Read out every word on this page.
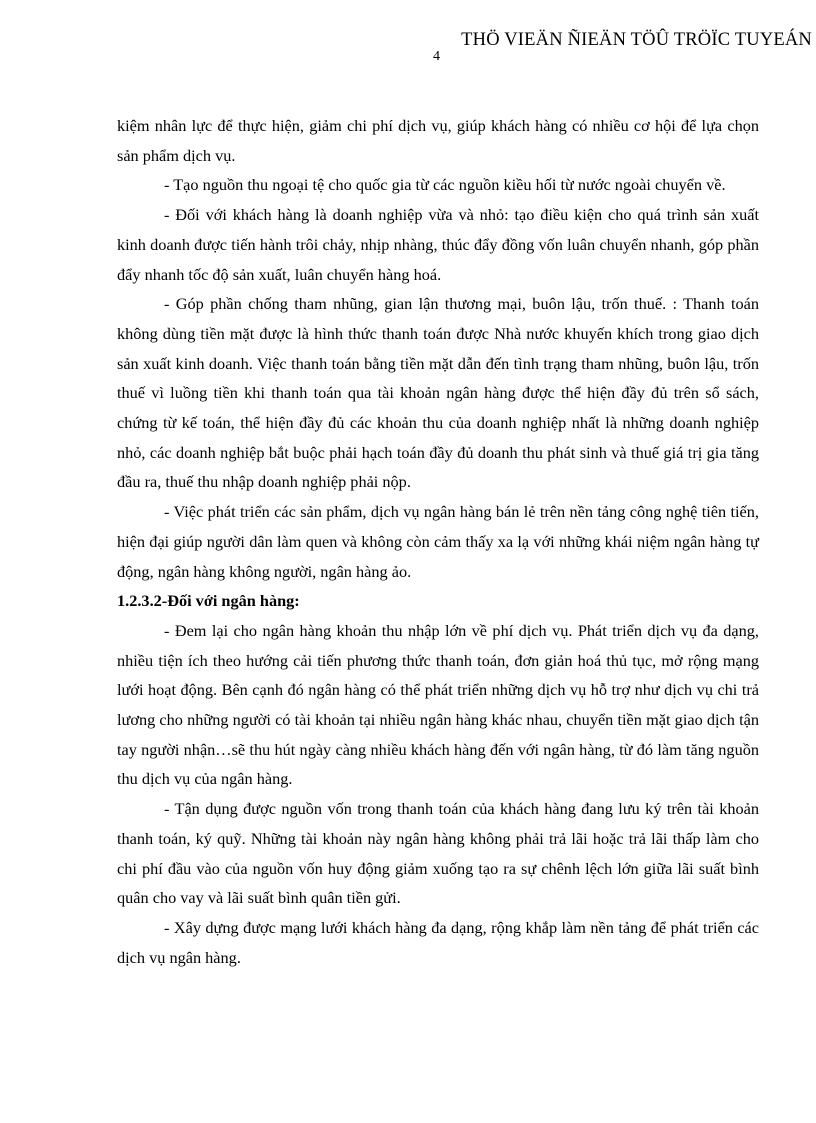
THÖ VIEÄN ÑIEÄN TÖÛ TRÖÏC TUYEÁN
4

kiệm nhân lực để thực hiện, giảm chi phí dịch vụ, giúp khách hàng có nhiều cơ hội để lựa chọn sản phẩm dịch vụ.

- Tạo nguồn thu ngoại tệ cho quốc gia từ các nguồn kiều hối từ nước ngoài chuyển về.

- Đối với khách hàng là doanh nghiệp vừa và nhỏ: tạo điều kiện cho quá trình sản xuất kinh doanh được tiến hành trôi chảy, nhịp nhàng, thúc đẩy đồng vốn luân chuyển nhanh, góp phần đẩy nhanh tốc độ sản xuất, luân chuyển hàng hoá.

- Góp phần chống tham nhũng, gian lận thương mại, buôn lậu, trốn thuế. : Thanh toán không dùng tiền mặt được là hình thức thanh toán được Nhà nước khuyến khích trong giao dịch sản xuất kinh doanh. Việc thanh toán bằng tiền mặt dẫn đến tình trạng tham nhũng, buôn lậu, trốn thuế vì luồng tiền khi thanh toán qua tài khoản ngân hàng được thể hiện đầy đủ trên sổ sách, chứng từ kế toán, thể hiện đầy đủ các khoản thu của doanh nghiệp nhất là những doanh nghiệp nhỏ, các doanh nghiệp bắt buộc phải hạch toán đầy đủ doanh thu phát sinh và thuế giá trị gia tăng đầu ra, thuế thu nhập doanh nghiệp phải nộp.

- Việc phát triển các sản phẩm, dịch vụ ngân hàng bán lẻ trên nền tảng công nghệ tiên tiến, hiện đại giúp người dân làm quen và không còn cảm thấy xa lạ với những khái niệm ngân hàng tự động, ngân hàng không người, ngân hàng ảo.

1.2.3.2-Đối với ngân hàng:

- Đem lại cho ngân hàng khoản thu nhập lớn về phí dịch vụ. Phát triển dịch vụ đa dạng, nhiều tiện ích theo hướng cải tiến phương thức thanh toán, đơn giản hoá thủ tục, mở rộng mạng lưới hoạt động. Bên cạnh đó ngân hàng có thể phát triển những dịch vụ hỗ trợ như dịch vụ chi trả lương cho những người có tài khoản tại nhiều ngân hàng khác nhau, chuyển tiền mặt giao dịch tận tay người nhận…sẽ thu hút ngày càng nhiều khách hàng đến với ngân hàng, từ đó làm tăng nguồn thu dịch vụ của ngân hàng.

- Tận dụng được nguồn vốn trong thanh toán của khách hàng đang lưu ký trên tài khoản thanh toán, ký quỹ. Những tài khoản này ngân hàng không phải trả lãi hoặc trả lãi thấp làm cho chi phí đầu vào của nguồn vốn huy động giảm xuống tạo ra sự chênh lệch lớn giữa lãi suất bình quân cho vay và lãi suất bình quân tiền gửi.

- Xây dựng được mạng lưới khách hàng đa dạng, rộng khắp làm nền tảng để phát triển các dịch vụ ngân hàng.
